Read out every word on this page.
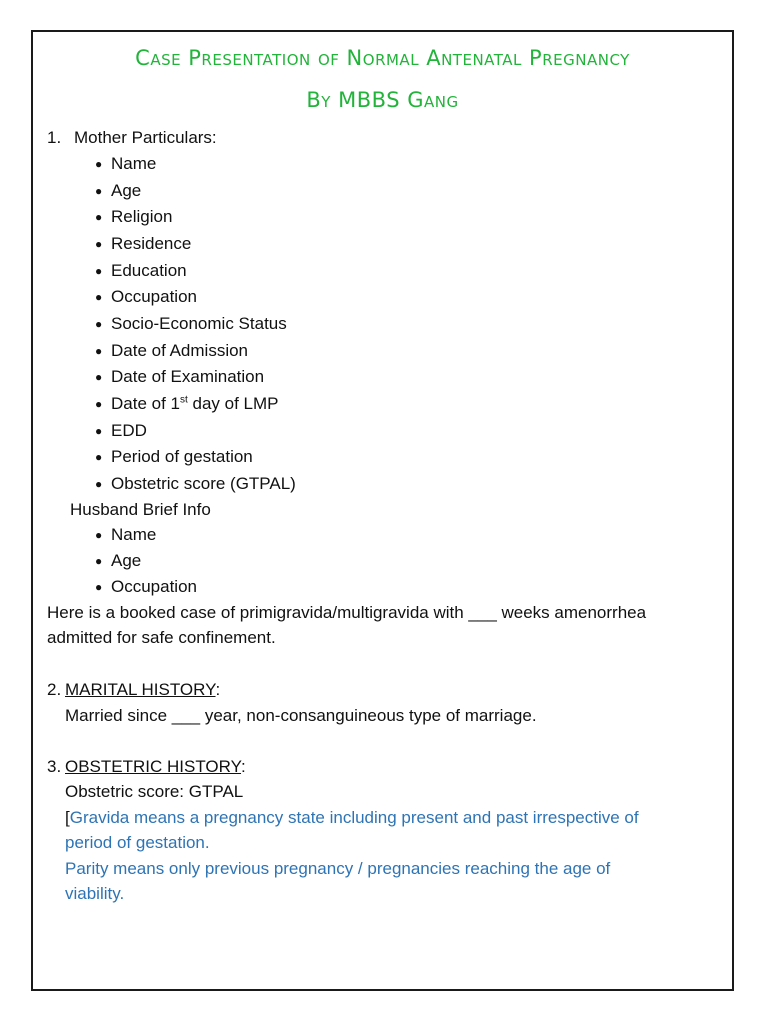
Case Presentation of Normal Antenatal Pregnancy
By MBBS Gang
1. Mother Particulars:
● Name
● Age
● Religion
● Residence
● Education
● Occupation
● Socio-Economic Status
● Date of Admission
● Date of Examination
● Date of 1st day of LMP
● EDD
● Period of gestation
● Obstetric score (GTPAL)
Husband Brief Info
● Name
● Age
● Occupation
Here is a booked case of primigravida/multigravida with ___ weeks amenorrhea
admitted for safe confinement.
2. MARITAL HISTORY:
Married since ___ year, non-consanguineous type of marriage.
3. OBSTETRIC HISTORY:
Obstetric score: GTPAL
[Gravida means a pregnancy state including present and past irrespective of
period of gestation.
Parity means only previous pregnancy / pregnancies reaching the age of
viability.
